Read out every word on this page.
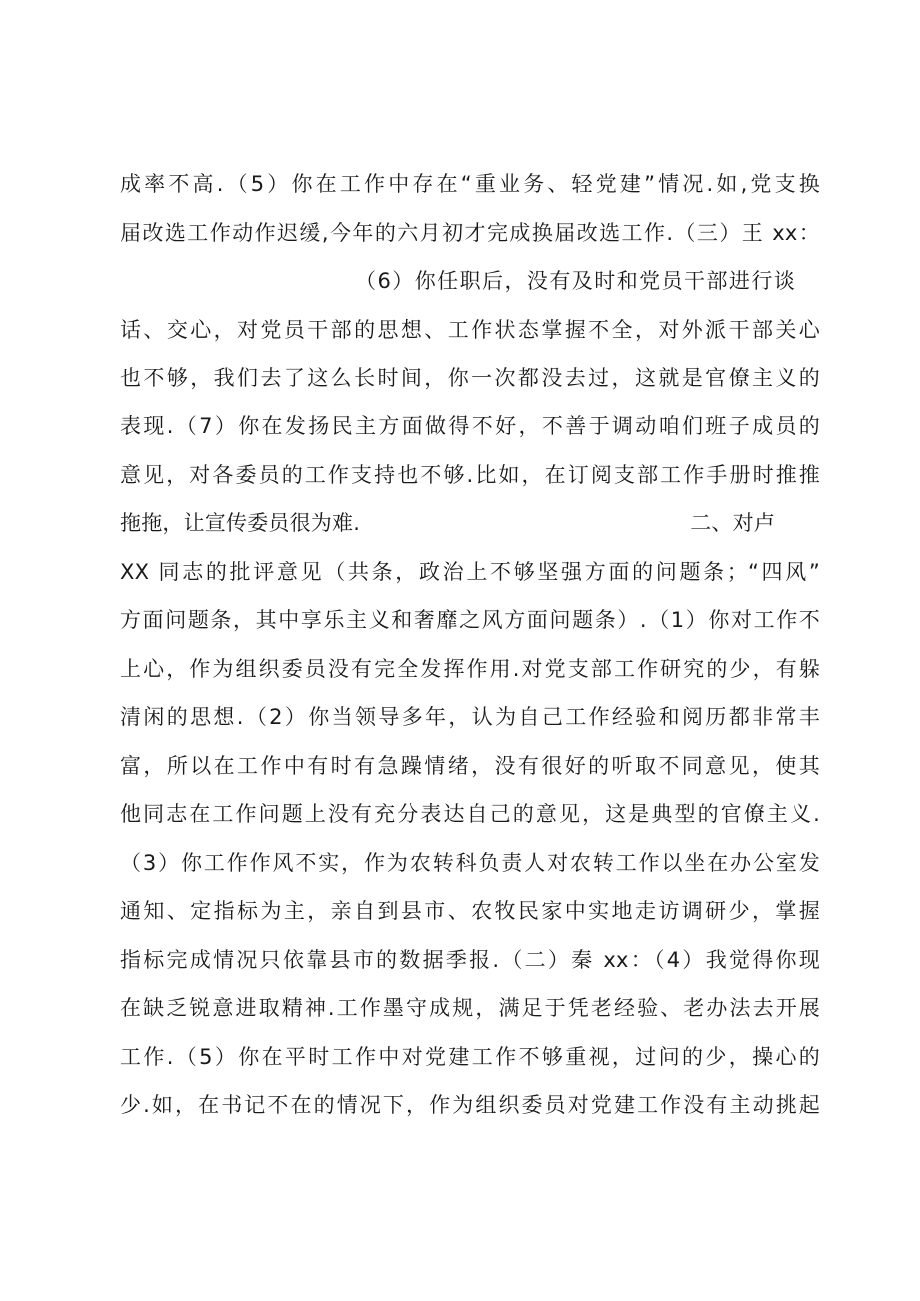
成率不高.（5）你在工作中存在“重业务、轻党建”情况.如,党支换
届改选工作动作迟缓,今年的六月初才完成换届改选工作.（三）王 xx：
（6）你任职后，没有及时和党员干部进行谈
话、交心，对党员干部的思想、工作状态掌握不全，对外派干部关心
也不够，我们去了这么长时间，你一次都没去过，这就是官僚主义的
表现.（7）你在发扬民主方面做得不好，不善于调动咱们班子成员的
意见，对各委员的工作支持也不够.比如，在订阅支部工作手册时推推
拖拖，让宣传委员很为难.	二、对卢
XX 同志的批评意见（共条，政治上不够坚强方面的问题条；“四风”
方面问题条，其中享乐主义和奢靡之风方面问题条）.（1）你对工作不
上心，作为组织委员没有完全发挥作用.对党支部工作研究的少，有躲
清闲的思想.（2）你当领导多年，认为自己工作经验和阅历都非常丰
富，所以在工作中有时有急躁情绪，没有很好的听取不同意见，使其
他同志在工作问题上没有充分表达自己的意见，这是典型的官僚主义.
（3）你工作作风不实，作为农转科负责人对农转工作以坐在办公室发
通知、定指标为主，亲自到县市、农牧民家中实地走访调研少，掌握
指标完成情况只依靠县市的数据季报.（二）秦 xx：（4）我觉得你现
在缺乏锐意进取精神.工作墨守成规，满足于凭老经验、老办法去开展
工作.（5）你在平时工作中对党建工作不够重视，过问的少，操心的
少.如，在书记不在的情况下，作为组织委员对党建工作没有主动挑起
